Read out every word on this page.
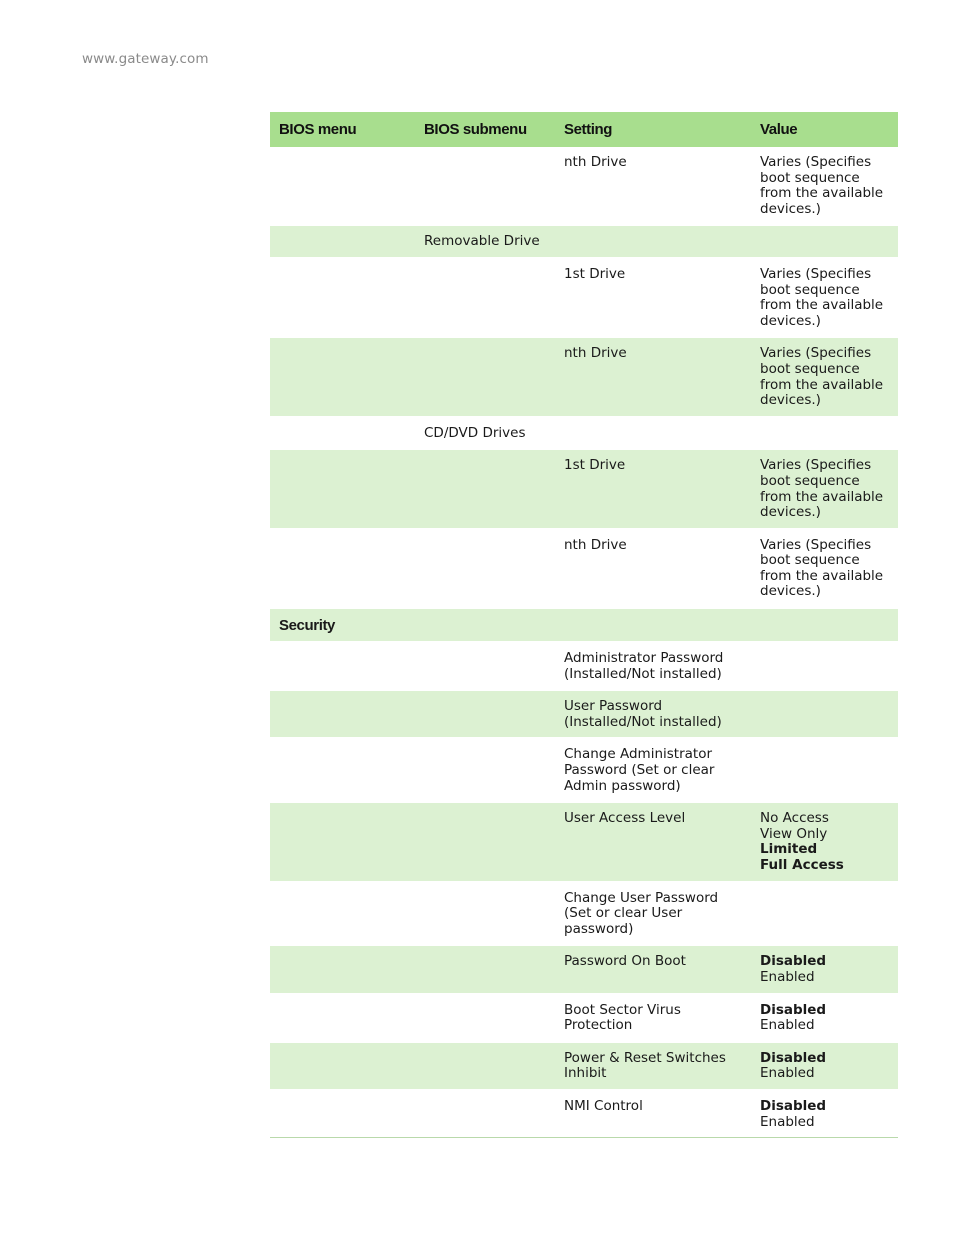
www.gateway.com
BIOS menu	BIOS submenu	Setting	Value
		nth Drive	Varies (Specifies boot sequence from the available devices.)

	Removable Drive		
		1st Drive	Varies (Specifies boot sequence from the available devices.)

		nth Drive	Varies (Specifies boot sequence from the available devices.)

	CD/DVD Drives		
		1st Drive	Varies (Specifies boot sequence from the available devices.)

		nth Drive	Varies (Specifies boot sequence from the available devices.)

Security			
		Administrator Password (Installed/Not installed)	
		User Password (Installed/Not installed)	
		Change Administrator Password (Set or clear Admin password)	
		User Access Level	No Access
View Only
Limited
Full Access

		Change User Password (Set or clear User password)	
		Password On Boot	Disabled
Enabled

		Boot Sector Virus Protection	Disabled
Enabled

		Power & Reset Switches Inhibit	Disabled
Enabled

		NMI Control	Disabled
Enabled
